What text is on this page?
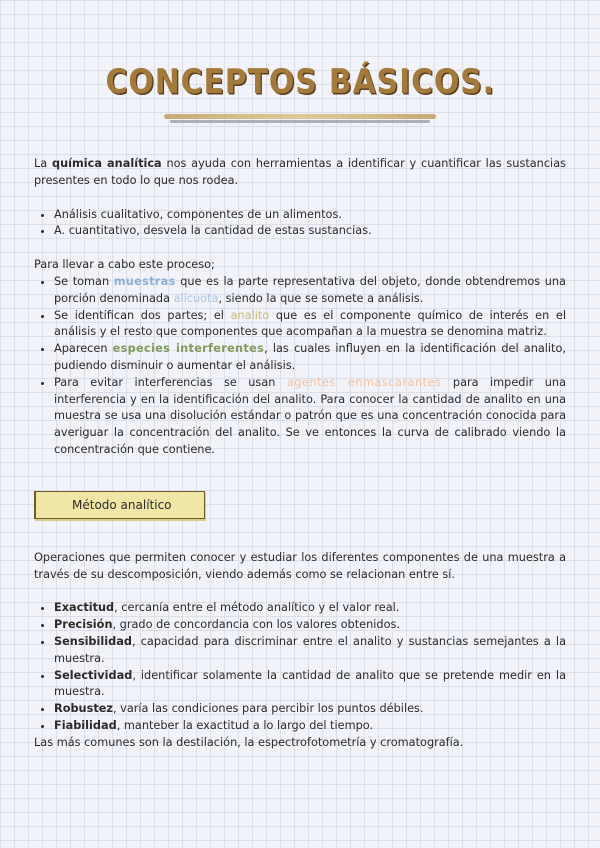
CONCEPTOS BÁSICOS.

La química analítica nos ayuda con herramientas a identificar y cuantificar las sustancias presentes en todo lo que nos rodea.

• Análisis cualitativo, componentes de un alimentos.
• A. cuantitativo, desvela la cantidad de estas sustancias.

Para llevar a cabo este proceso;

• Se toman muestras que es la parte representativa del objeto, donde obtendremos una porción denominada alícuota, siendo la que se somete a análisis.
• Se identifican dos partes; el analito que es el componente químico de interés en el análisis y el resto que componentes que acompañan a la muestra se denomina matriz.
• Aparecen especies interferentes, las cuales influyen en la identificación del analito, pudiendo disminuir o aumentar el análisis.
• Para evitar interferencias se usan agentes enmascarantes para impedir una interferencia y en la identificación del analito. Para conocer la cantidad de analito en una muestra se usa una disolución estándar o patrón que es una concentración conocida para averiguar la concentración del analito. Se ve entonces la curva de calibrado viendo la concentración que contiene.
Método analítico

Operaciones que permiten conocer y estudiar los diferentes componentes de una muestra a través de su descomposición, viendo además como se relacionan entre sí.

• Exactitud, cercanía entre el método analítico y el valor real.
• Precisión, grado de concordancia con los valores obtenidos.
• Sensibilidad, capacidad para discriminar entre el analito y sustancias semejantes a la muestra.
• Selectividad, identificar solamente la cantidad de analito que se pretende medir en la muestra.
• Robustez, varía las condiciones para percibir los puntos débiles.
• Fiabilidad, manteber la exactitud a lo largo del tiempo.

Las más comunes son la destilación, la espectrofotometría y cromatografía.
